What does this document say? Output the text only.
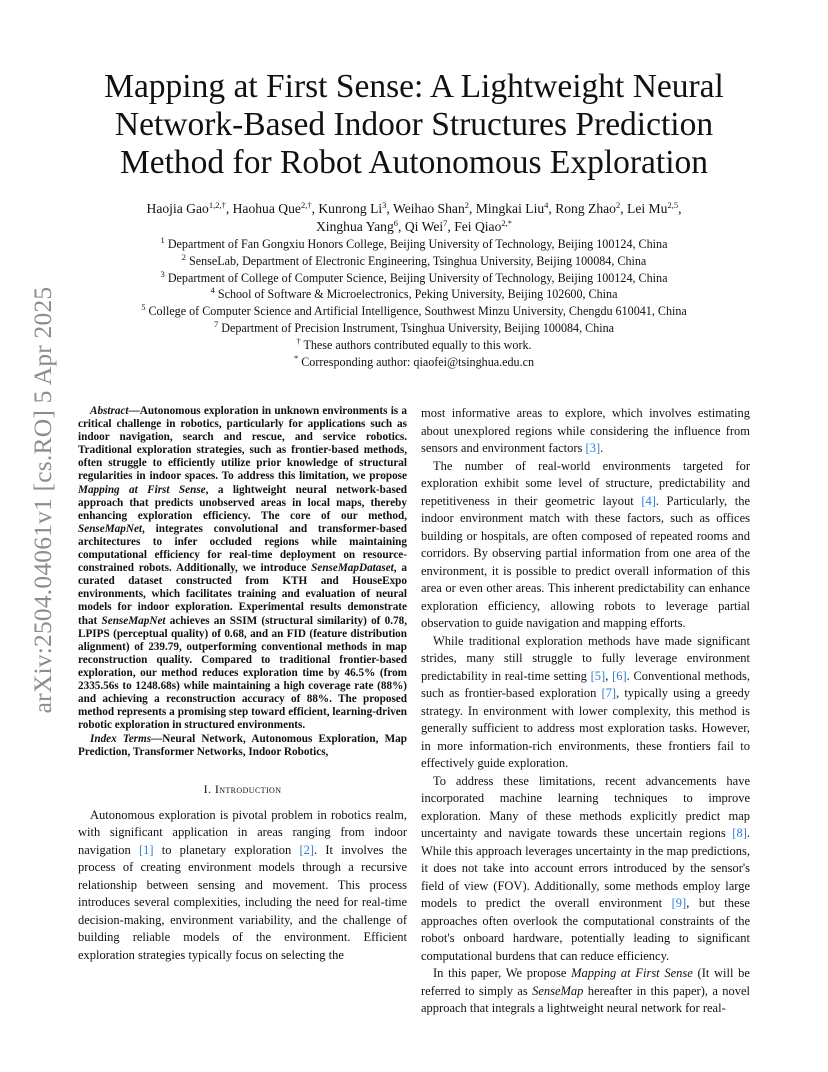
arXiv:2504.04061v1 [cs.RO] 5 Apr 2025
Mapping at First Sense: A Lightweight Neural
Network-Based Indoor Structures Prediction
Method for Robot Autonomous Exploration
Haojia Gao$^{1,2,\dagger}$, Haohua Que$^{2,\dagger}$, Kunrong Li$^3$, Weihao Shan$^2$, Mingkai Liu$^4$, Rong Zhao$^2$, Lei Mu$^{2,5}$,
Xinghua Yang$^6$, Qi Wei$^7$, Fei Qiao$^{2,*}$
$^1$ Department of Fan Gongxiu Honors College, Beijing University of Technology, Beijing 100124, China
$^2$ SenseLab, Department of Electronic Engineering, Tsinghua University, Beijing 100084, China
$^3$ Department of College of Computer Science, Beijing University of Technology, Beijing 100124, China
$^4$ School of Software & Microelectronics, Peking University, Beijing 102600, China
$^5$ College of Computer Science and Artificial Intelligence, Southwest Minzu University, Chengdu 610041, China
$^7$ Department of Precision Instrument, Tsinghua University, Beijing 100084, China
† These authors contributed equally to this work.
* Corresponding author: qiaofei@tsinghua.edu.cn

Abstract—Autonomous exploration in unknown environments is a critical challenge in robotics, particularly for applications such as indoor navigation, search and rescue, and service robotics. Traditional exploration strategies, such as frontier-based methods, often struggle to efficiently utilize prior knowledge of structural regularities in indoor spaces. To address this limitation, we propose Mapping at First Sense, a lightweight neural network-based approach that predicts unobserved areas in local maps, thereby enhancing exploration efficiency. The core of our method, SenseMapNet, integrates convolutional and transformer-based architectures to infer occluded regions while maintaining computational efficiency for real-time deployment on resource-constrained robots. Additionally, we introduce SenseMapDataset, a curated dataset constructed from KTH and HouseExpo environments, which facilitates training and evaluation of neural models for indoor exploration. Experimental results demonstrate that SenseMapNet achieves an SSIM (structural similarity) of 0.78, LPIPS (perceptual quality) of 0.68, and an FID (feature distribution alignment) of 239.79, outperforming conventional methods in map reconstruction quality. Compared to traditional frontier-based exploration, our method reduces exploration time by 46.5% (from 2335.56s to 1248.68s) while maintaining a high coverage rate (88%) and achieving a reconstruction accuracy of 88%. The proposed method represents a promising step toward efficient, learning-driven robotic exploration in structured environments.

Index Terms—Neural Network, Autonomous Exploration, Map Prediction, Transformer Networks, Indoor Robotics,

I. Introduction

Autonomous exploration is pivotal problem in robotics realm, with significant application in areas ranging from indoor navigation [1] to planetary exploration [2]. It involves the process of creating environment models through a recursive relationship between sensing and movement. This process introduces several complexities, including the need for real-time decision-making, environment variability, and the challenge of building reliable models of the environment. Efficient exploration strategies typically focus on selecting the

most informative areas to explore, which involves estimating about unexplored regions while considering the influence from sensors and environment factors [3].

The number of real-world environments targeted for exploration exhibit some level of structure, predictability and repetitiveness in their geometric layout [4]. Particularly, the indoor environment match with these factors, such as offices building or hospitals, are often composed of repeated rooms and corridors. By observing partial information from one area of the environment, it is possible to predict overall information of this area or even other areas. This inherent predictability can enhance exploration efficiency, allowing robots to leverage partial observation to guide navigation and mapping efforts.

While traditional exploration methods have made significant strides, many still struggle to fully leverage environment predictability in real-time setting [5], [6]. Conventional methods, such as frontier-based exploration [7], typically using a greedy strategy. In environment with lower complexity, this method is generally sufficient to address most exploration tasks. However, in more information-rich environments, these frontiers fail to effectively guide exploration.

To address these limitations, recent advancements have incorporated machine learning techniques to improve exploration. Many of these methods explicitly predict map uncertainty and navigate towards these uncertain regions [8]. While this approach leverages uncertainty in the map predictions, it does not take into account errors introduced by the sensor's field of view (FOV). Additionally, some methods employ large models to predict the overall environment [9], but these approaches often overlook the computational constraints of the robot's onboard hardware, potentially leading to significant computational burdens that can reduce efficiency.

In this paper, We propose Mapping at First Sense (It will be referred to simply as SenseMap hereafter in this paper), a novel approach that integrals a lightweight neural network for real-
